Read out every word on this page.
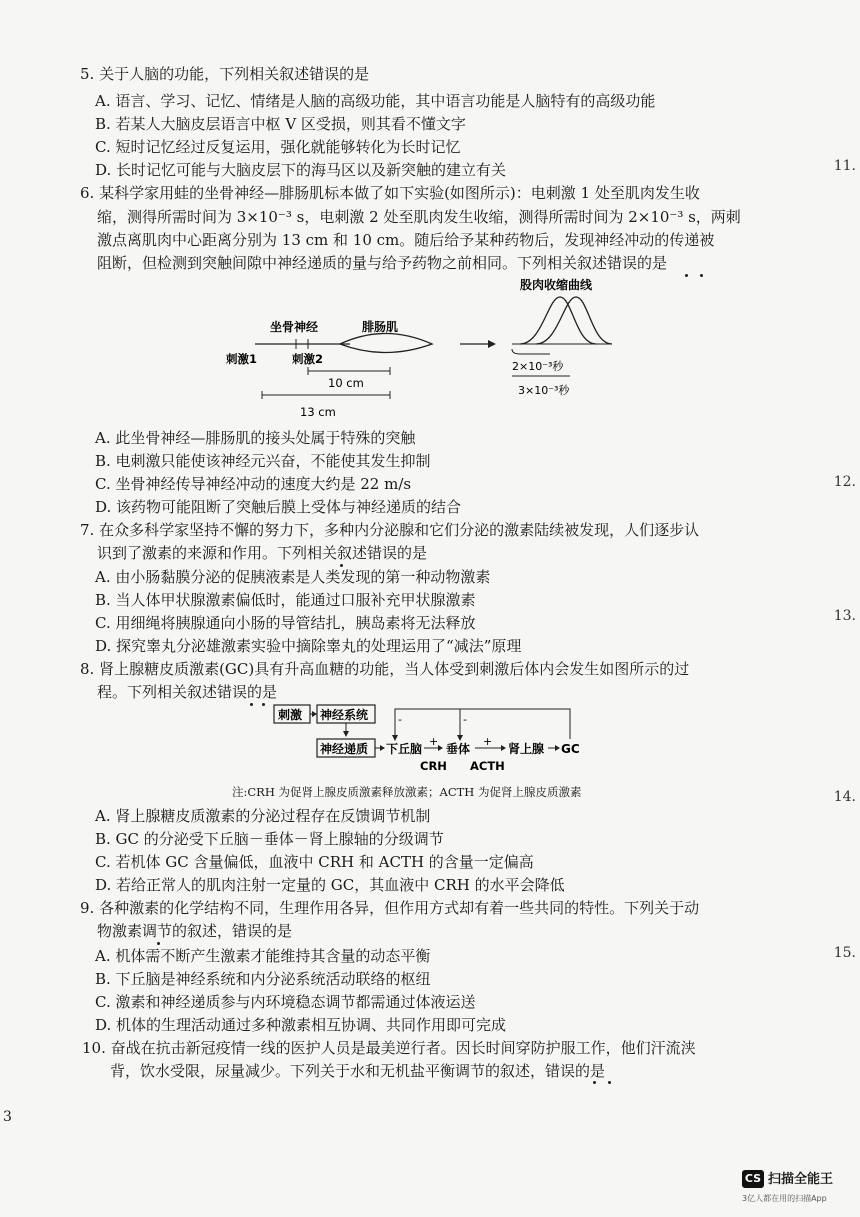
5. 关于人脑的功能，下列相关叙述错误的是
A. 语言、学习、记忆、情绪是人脑的高级功能，其中语言功能是人脑特有的高级功能
B. 若某人大脑皮层语言中枢 V 区受损，则其看不懂文字
C. 短时记忆经过反复运用，强化就能够转化为长时记忆
D. 长时记忆可能与大脑皮层下的海马区以及新突触的建立有关
6. 某科学家用蛙的坐骨神经—腓肠肌标本做了如下实验(如图所示)：电刺激 1 处至肌肉发生收
缩，测得所需时间为 3×10⁻³ s，电刺激 2 处至肌肉发生收缩，测得所需时间为 2×10⁻³ s，两刺
激点离肌肉中心距离分别为 13 cm 和 10 cm。随后给予某种药物后，发现神经冲动的传递被
阻断，但检测到突触间隙中神经递质的量与给予药物之前相同。下列相关叙述错误的是
股肉收缩曲线
坐骨神经	腓肠肌
刺激1	刺激2
10 cm
13 cm
2×10⁻³秒
3×10⁻³秒
A. 此坐骨神经—腓肠肌的接头处属于特殊的突触
B. 电刺激只能使该神经元兴奋，不能使其发生抑制
C. 坐骨神经传导神经冲动的速度大约是 22 m/s
D. 该药物可能阻断了突触后膜上受体与神经递质的结合
7. 在众多科学家坚持不懈的努力下，多种内分泌腺和它们分泌的激素陆续被发现，人们逐步认
识到了激素的来源和作用。下列相关叙述错误的是
A. 由小肠黏膜分泌的促胰液素是人类发现的第一种动物激素
B. 当人体甲状腺激素偏低时，能通过口服补充甲状腺激素
C. 用细绳将胰腺通向小肠的导管结扎，胰岛素将无法释放
D. 探究睾丸分泌雄激素实验中摘除睾丸的处理运用了“减法”原理
8. 肾上腺糖皮质激素(GC)具有升高血糖的功能，当人体受到刺激后体内会发生如图所示的过
程。下列相关叙述错误的是
刺激 神经系统
神经递质 下丘脑
+
垂体
+
肾上腺 GC
CRH ACTH
-	-
注:CRH 为促肾上腺皮质激素释放激素；ACTH 为促肾上腺皮质激素
A. 肾上腺糖皮质激素的分泌过程存在反馈调节机制
B. GC 的分泌受下丘脑－垂体－肾上腺轴的分级调节
C. 若机体 GC 含量偏低，血液中 CRH 和 ACTH 的含量一定偏高
D. 若给正常人的肌肉注射一定量的 GC，其血液中 CRH 的水平会降低
9. 各种激素的化学结构不同，生理作用各异，但作用方式却有着一些共同的特性。下列关于动
物激素调节的叙述，错误的是
A. 机体需不断产生激素才能维持其含量的动态平衡
B. 下丘脑是神经系统和内分泌系统活动联络的枢纽
C. 激素和神经递质参与内环境稳态调节都需通过体液运送
D. 机体的生理活动通过多种激素相互协调、共同作用即可完成
10. 奋战在抗击新冠疫情一线的医护人员是最美逆行者。因长时间穿防护服工作，他们汗流浃
背，饮水受限，尿量减少。下列关于水和无机盐平衡调节的叙述，错误的是
11.
12.
13.
14.
15.
3
CS 扫描全能王
3亿人都在用的扫描App
